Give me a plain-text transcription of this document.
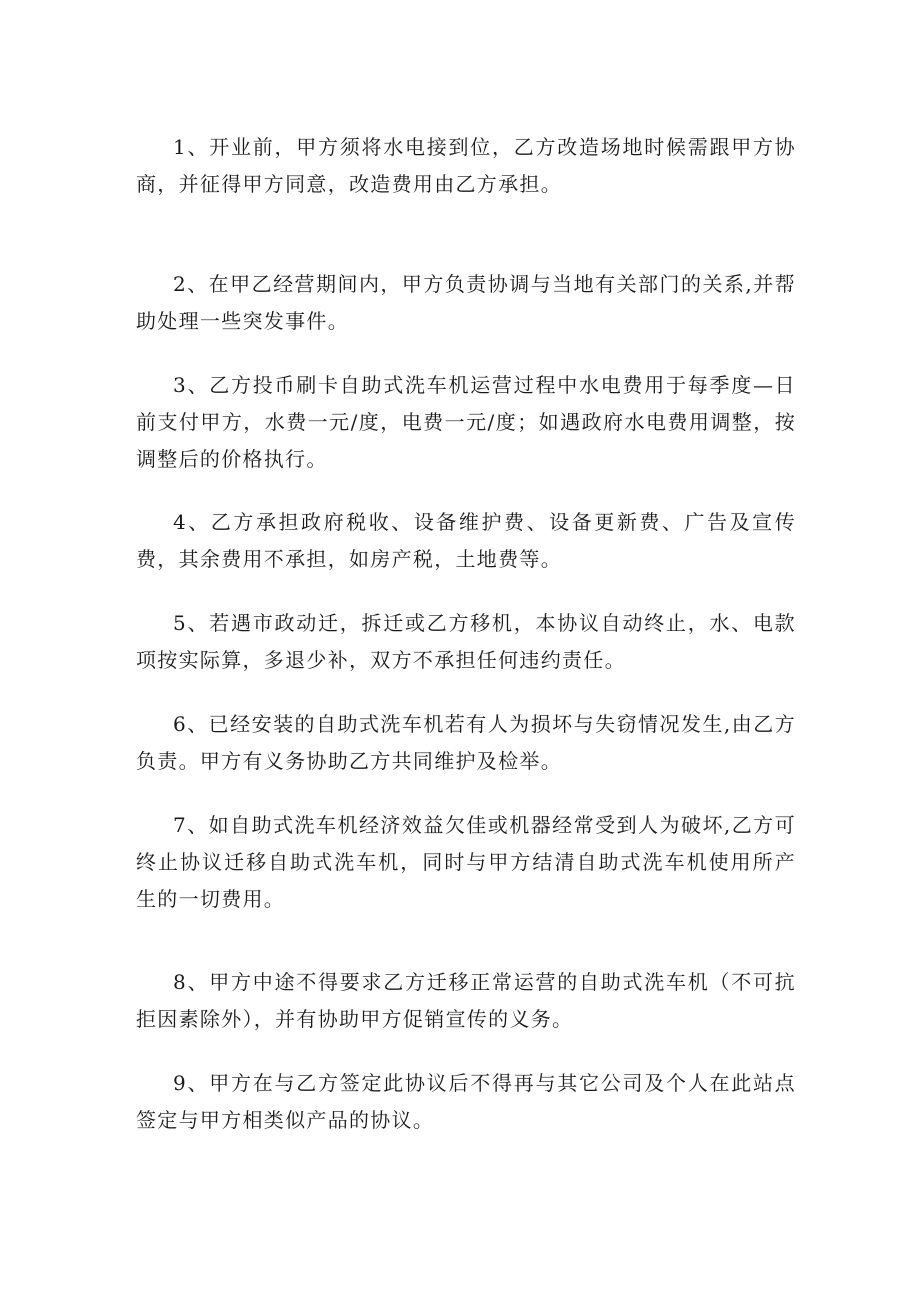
1、开业前，甲方须将水电接到位，乙方改造场地时候需跟甲方协商，并征得甲方同意，改造费用由乙方承担。

2、在甲乙经营期间内，甲方负责协调与当地有关部门的关系,并帮助处理一些突发事件。

3、乙方投币刷卡自助式洗车机运营过程中水电费用于每季度—日前支付甲方，水费一元/度，电费一元/度；如遇政府水电费用调整，按调整后的价格执行。

4、乙方承担政府税收、设备维护费、设备更新费、广告及宣传费，其余费用不承担，如房产税，土地费等。

5、若遇市政动迁，拆迁或乙方移机，本协议自动终止，水、电款项按实际算，多退少补，双方不承担任何违约责任。

6、已经安装的自助式洗车机若有人为损坏与失窃情况发生,由乙方负责。甲方有义务协助乙方共同维护及检举。

7、如自助式洗车机经济效益欠佳或机器经常受到人为破坏,乙方可终止协议迁移自助式洗车机，同时与甲方结清自助式洗车机使用所产生的一切费用。

8、甲方中途不得要求乙方迁移正常运营的自助式洗车机（不可抗拒因素除外），并有协助甲方促销宣传的义务。

9、甲方在与乙方签定此协议后不得再与其它公司及个人在此站点签定与甲方相类似产品的协议。
